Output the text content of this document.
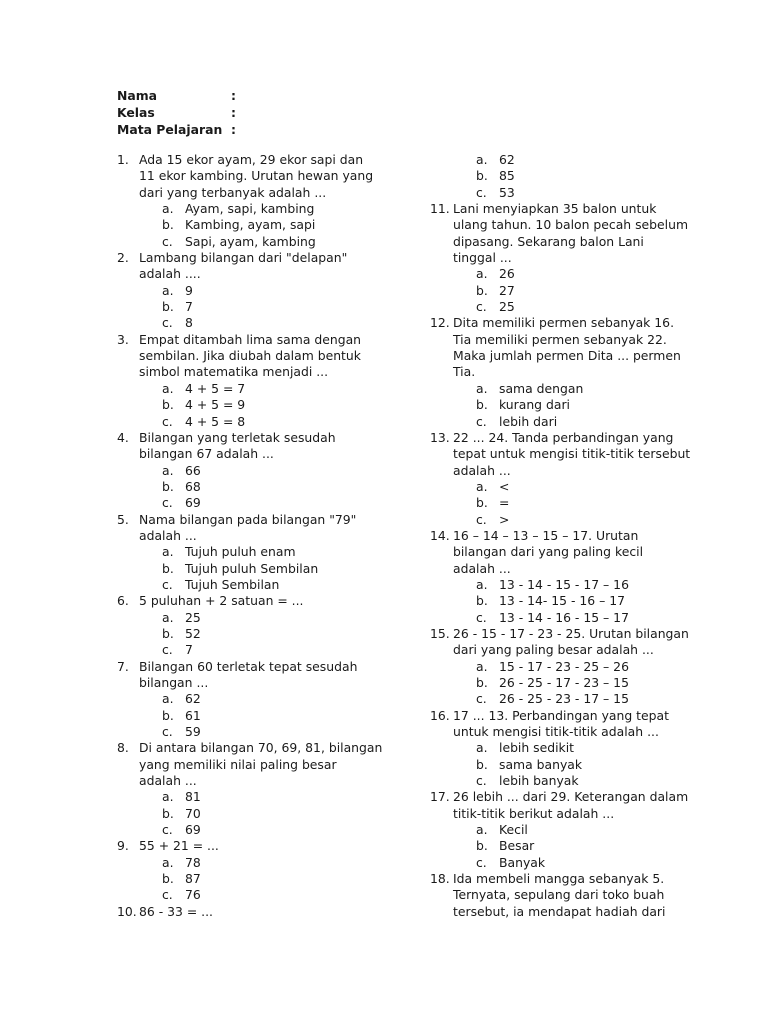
Nama	:
Kelas	:
Mata Pelajaran :
1. Ada 15 ekor ayam, 29 ekor sapi dan
11 ekor kambing. Urutan hewan yang
dari yang terbanyak adalah ...
a. Ayam, sapi, kambing
b. Kambing, ayam, sapi
c. Sapi, ayam, kambing
2. Lambang bilangan dari "delapan"
adalah ....
a. 9
b. 7
c. 8
3. Empat ditambah lima sama dengan
sembilan. Jika diubah dalam bentuk
simbol matematika menjadi ...
a. 4 + 5 = 7
b. 4 + 5 = 9
c. 4 + 5 = 8
4. Bilangan yang terletak sesudah
bilangan 67 adalah ...
a. 66
b. 68
c. 69
5. Nama bilangan pada bilangan "79"
adalah ...
a. Tujuh puluh enam
b. Tujuh puluh Sembilan
c. Tujuh Sembilan
6. 5 puluhan + 2 satuan = ...
a. 25
b. 52
c. 7
7. Bilangan 60 terletak tepat sesudah
bilangan ...
a. 62
b. 61
c. 59
8. Di antara bilangan 70, 69, 81, bilangan
yang memiliki nilai paling besar
adalah ...
a. 81
b. 70
c. 69
9. 55 + 21 = ...
a. 78
b. 87
c. 76
10. 86 - 33 = ...
a. 62
b. 85
c. 53
11. Lani menyiapkan 35 balon untuk
ulang tahun. 10 balon pecah sebelum
dipasang. Sekarang balon Lani
tinggal ...
a. 26
b. 27
c. 25
12. Dita memiliki permen sebanyak 16.
Tia memiliki permen sebanyak 22.
Maka jumlah permen Dita ... permen
Tia.
a. sama dengan
b. kurang dari
c. lebih dari
13. 22 ... 24. Tanda perbandingan yang
tepat untuk mengisi titik-titik tersebut
adalah ...
a. <
b. =
c. >
14. 16 – 14 – 13 – 15 – 17. Urutan
bilangan dari yang paling kecil
adalah ...
a. 13 - 14 - 15 - 17 – 16
b. 13 - 14- 15 - 16 – 17
c. 13 - 14 - 16 - 15 – 17
15. 26 - 15 - 17 - 23 - 25. Urutan bilangan
dari yang paling besar adalah ...
a. 15 - 17 - 23 - 25 – 26
b. 26 - 25 - 17 - 23 – 15
c. 26 - 25 - 23 - 17 – 15
16. 17 ... 13. Perbandingan yang tepat
untuk mengisi titik-titik adalah ...
a. lebih sedikit
b. sama banyak
c. lebih banyak
17. 26 lebih ... dari 29. Keterangan dalam
titik-titik berikut adalah ...
a. Kecil
b. Besar
c. Banyak
18. Ida membeli mangga sebanyak 5.
Ternyata, sepulang dari toko buah
tersebut, ia mendapat hadiah dari
